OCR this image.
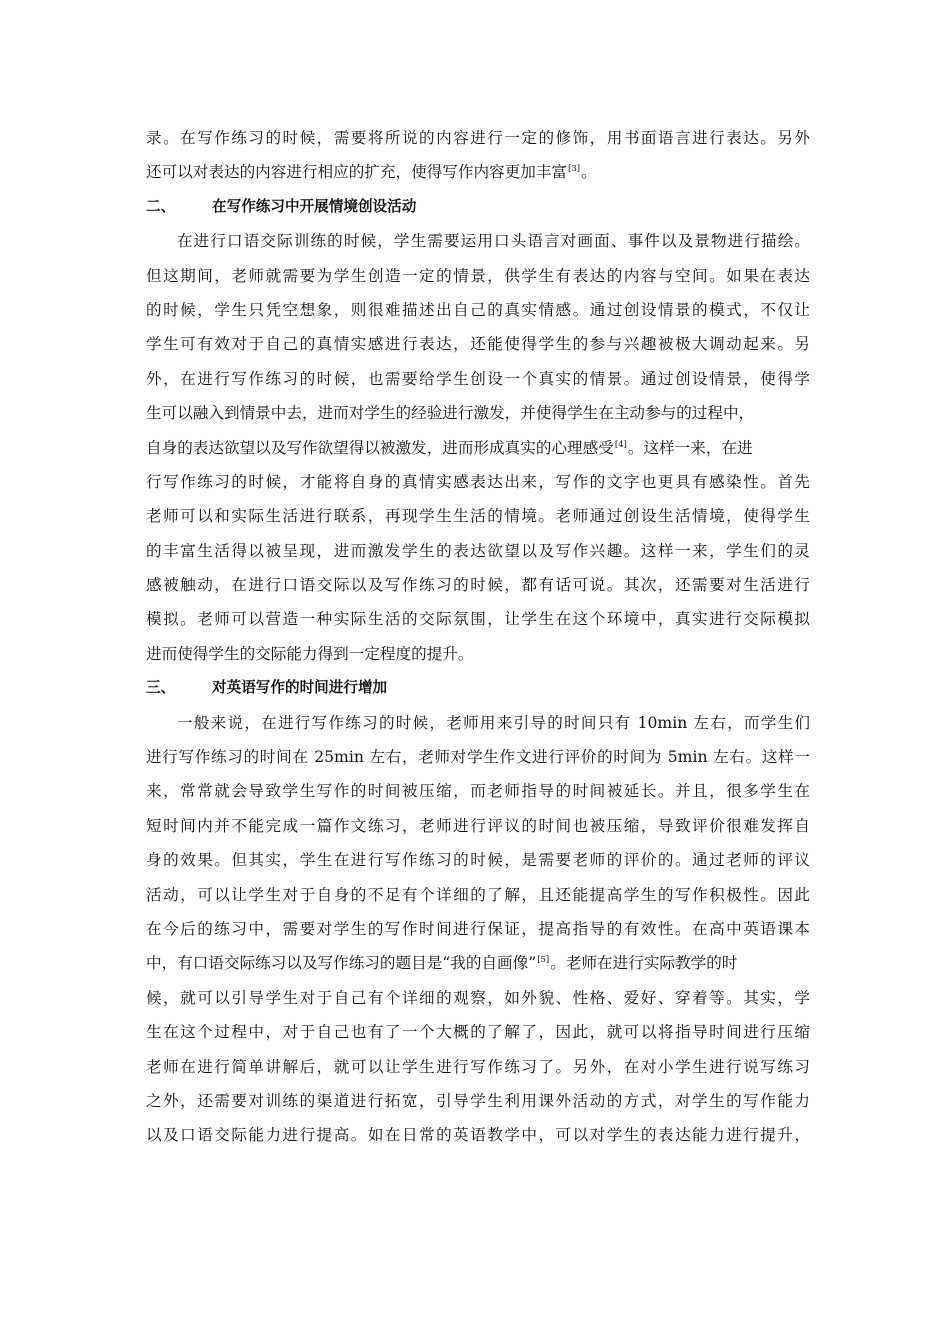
录。在写作练习的时候，需要将所说的内容进行一定的修饰，用书面语言进行表达。另外
还可以对表达的内容进行相应的扩充，使得写作内容更加丰富[3]。
二、	在写作练习中开展情境创设活动
在进行口语交际训练的时候，学生需要运用口头语言对画面、事件以及景物进行描绘。
但这期间，老师就需要为学生创造一定的情景，供学生有表达的内容与空间。如果在表达
的时候，学生只凭空想象，则很难描述出自己的真实情感。通过创设情景的模式，不仅让
学生可有效对于自己的真情实感进行表达，还能使得学生的参与兴趣被极大调动起来。另
外，在进行写作练习的时候，也需要给学生创设一个真实的情景。通过创设情景，使得学
生可以融入到情景中去，进而对学生的经验进行激发，并使得学生在主动参与的过程中，
自身的表达欲望以及写作欲望得以被激发，进而形成真实的心理感受[4]。这样一来，在进
行写作练习的时候，才能将自身的真情实感表达出来，写作的文字也更具有感染性。首先
老师可以和实际生活进行联系，再现学生生活的情境。老师通过创设生活情境，使得学生
的丰富生活得以被呈现，进而激发学生的表达欲望以及写作兴趣。这样一来，学生们的灵
感被触动，在进行口语交际以及写作练习的时候，都有话可说。其次，还需要对生活进行
模拟。老师可以营造一种实际生活的交际氛围，让学生在这个环境中，真实进行交际模拟
进而使得学生的交际能力得到一定程度的提升。
三、	对英语写作的时间进行增加
一般来说，在进行写作练习的时候，老师用来引导的时间只有 10min 左右，而学生们
进行写作练习的时间在 25min 左右，老师对学生作文进行评价的时间为 5min 左右。这样一
来，常常就会导致学生写作的时间被压缩，而老师指导的时间被延长。并且，很多学生在
短时间内并不能完成一篇作文练习，老师进行评议的时间也被压缩，导致评价很难发挥自
身的效果。但其实，学生在进行写作练习的时候，是需要老师的评价的。通过老师的评议
活动，可以让学生对于自身的不足有个详细的了解，且还能提高学生的写作积极性。因此
在今后的练习中，需要对学生的写作时间进行保证，提高指导的有效性。在高中英语课本
中，有口语交际练习以及写作练习的题目是“我的自画像”[5]。老师在进行实际教学的时
候，就可以引导学生对于自己有个详细的观察，如外貌、性格、爱好、穿着等。其实，学
生在这个过程中，对于自己也有了一个大概的了解了，因此，就可以将指导时间进行压缩
老师在进行简单讲解后，就可以让学生进行写作练习了。另外，在对小学生进行说写练习
之外，还需要对训练的渠道进行拓宽，引导学生利用课外活动的方式，对学生的写作能力
以及口语交际能力进行提高。如在日常的英语教学中，可以对学生的表达能力进行提升，
